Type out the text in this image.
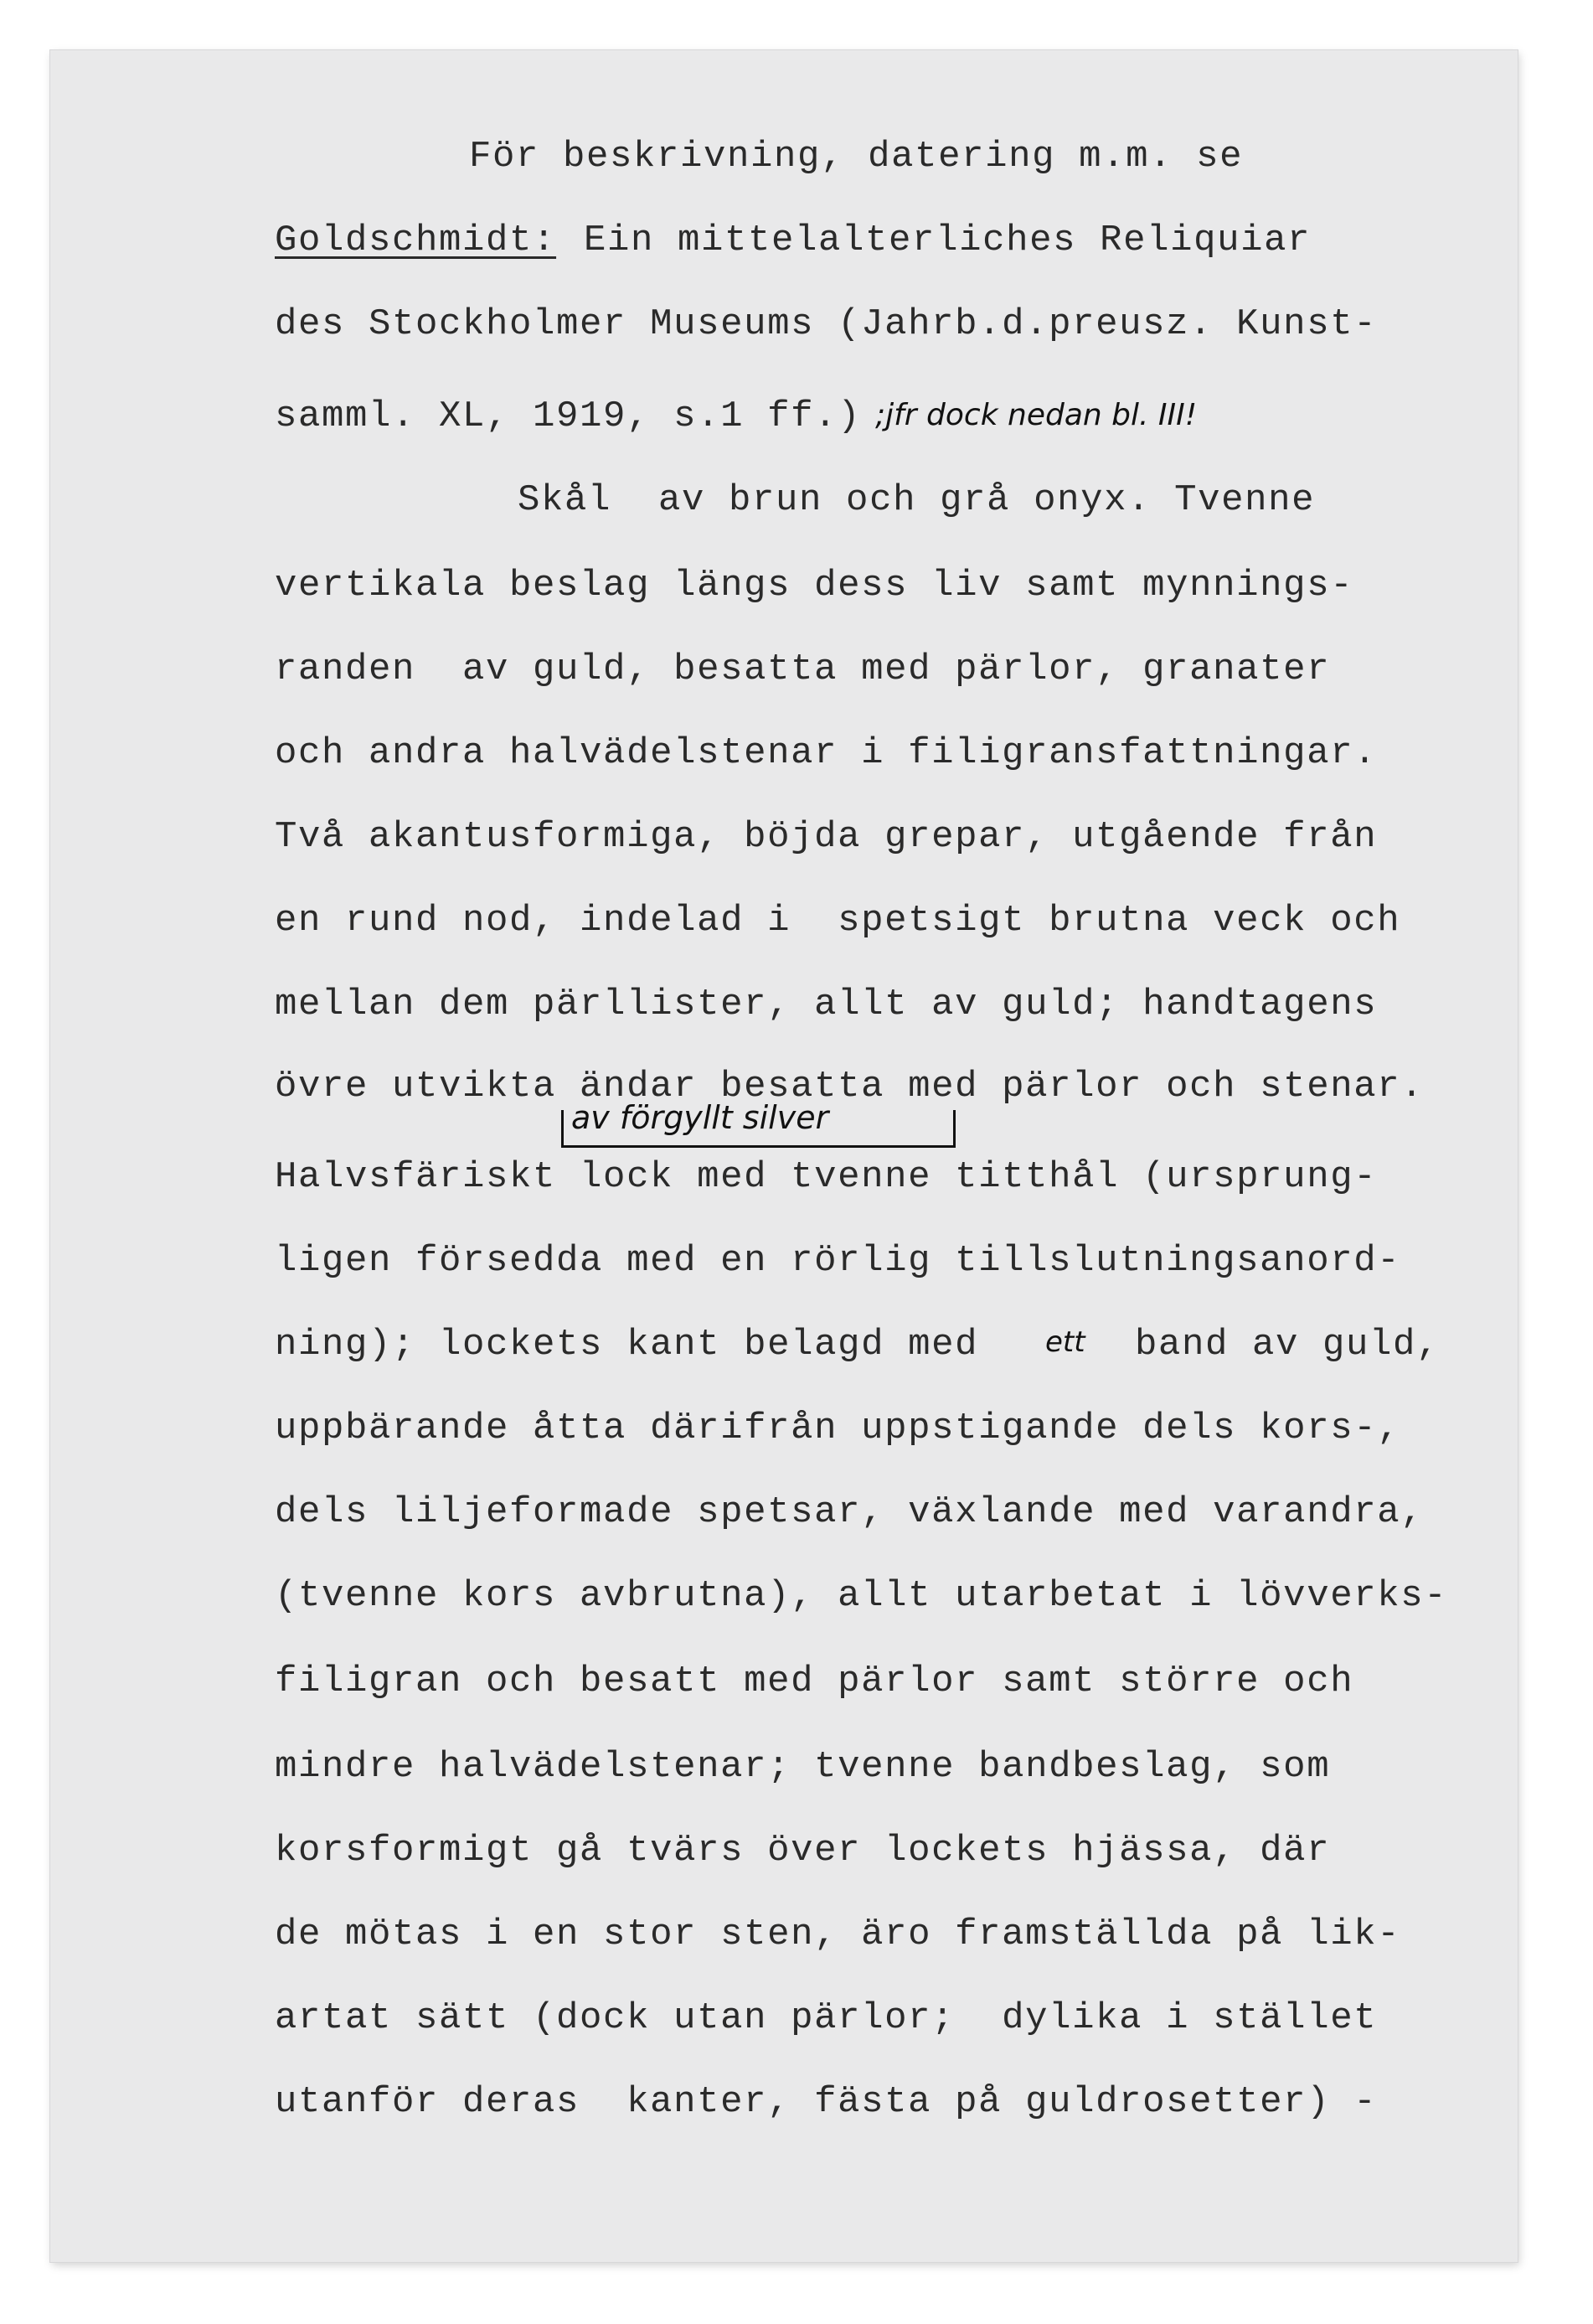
För beskrivning, datering m.m. se
Goldschmidt: Ein mittelalterliches Reliquiar
des Stockholmer Museums (Jahrb.d.preusz. Kunst-
samml. XL, 1919, s.1 ff.) ;jfr dock nedan bl. III!
Skål  av brun och grå onyx. Tvenne
vertikala beslag längs dess liv samt mynnings-
randen  av guld, besatta med pärlor, granater
och andra halvädelstenar i filigransfattningar.
Två akantusformiga, böjda grepar, utgående från
en rund nod, indelad i  spetsigt brutna veck och
mellan dem pärllister, allt av guld; handtagens
övre utvikta ändar besatta med pärlor och stenar.
av förgyllt silver
Halvsfäriskt lock med tvenne titthål (ursprung-
ligen försedda med en rörlig tillslutningsanord-
ning); lockets kant belagd med ett band av guld,
uppbärande åtta därifrån uppstigande dels kors-,
dels liljeformade spetsar, växlande med varandra,
(tvenne kors avbrutna), allt utarbetat i lövverks-
filigran och besatt med pärlor samt större och
mindre halvädelstenar; tvenne bandbeslag, som
korsformigt gå tvärs över lockets hjässa, där
de mötas i en stor sten, äro framställda på lik-
artat sätt (dock utan pärlor;  dylika i stället
utanför deras  kanter, fästa på guldrosetter) -
